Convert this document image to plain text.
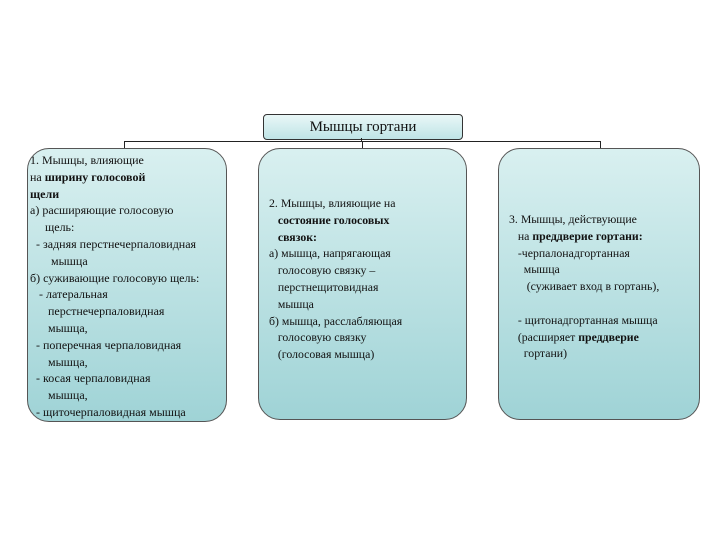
Мышцы гортани
1. Мышцы, влияющие
на ширину голосовой
щели
а) расширяющие голосовую
щель:
- задняя перстнечерпаловидная
мышца
б) суживающие голосовую щель:
- латеральная
перстнечерпаловидная
мышца,
- поперечная черпаловидная
мышца,
- косая черпаловидная
мышца,
- щиточерпаловидная мышца
2. Мышцы, влияющие на
состояние голосовых
связок:
а) мышца, напрягающая
голосовую связку –
перстнещитовидная
мышца
б) мышца, расслабляющая
голосовую связку
(голосовая мышца)
3. Мышцы, действующие
на преддверие гортани:
-черпалонадгортанная
мышца
(суживает вход в гортань),

- щитонадгортанная мышца
(расширяет преддверие
гортани)
